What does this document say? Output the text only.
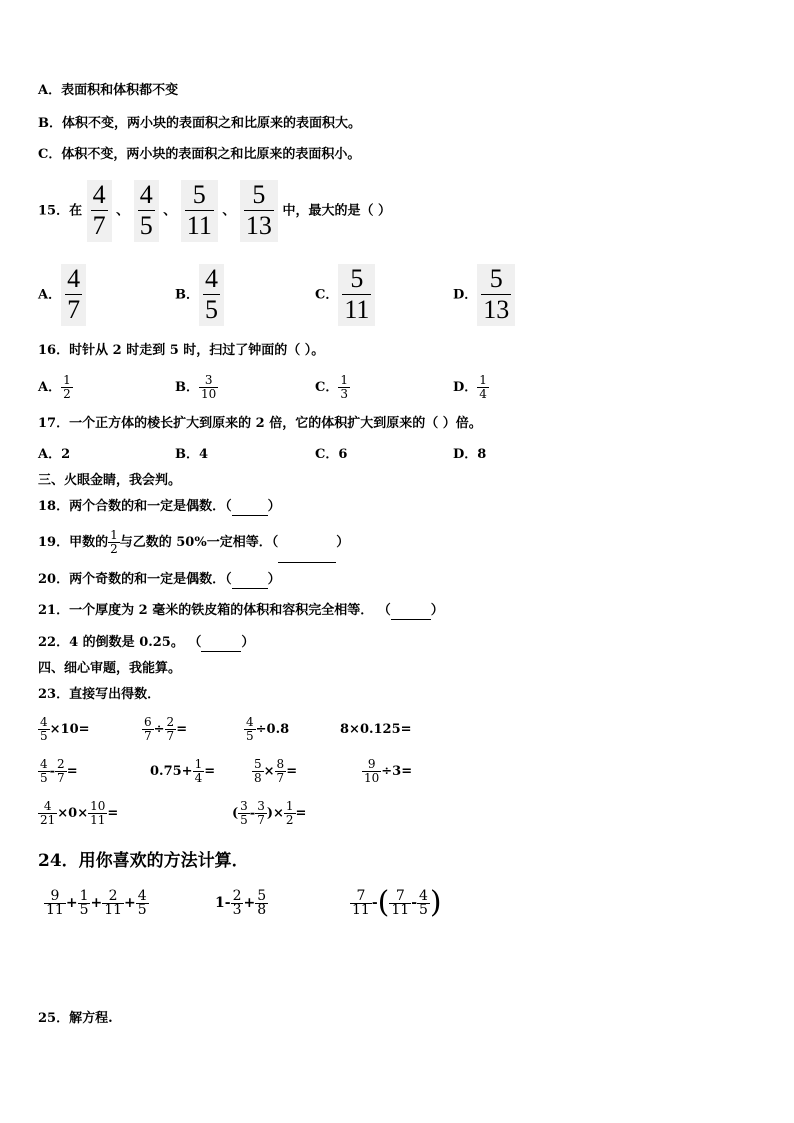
A．表面积和体积都不变
B．体积不变，两小块的表面积之和比原来的表面积大。
C．体积不变，两小块的表面积之和比原来的表面积小。
15．在 $\frac{4}{7}$ 、 $\frac{4}{5}$ 、 $\frac{5}{11}$ 、 $\frac{5}{13}$ 中，最大的是（ ）
A． $\frac{4}{7}$	B． $\frac{4}{5}$	C． $\frac{5}{11}$	D． $\frac{5}{13}$
16．时针从 2 时走到 5 时，扫过了钟面的（ ）。
A． $\frac{1}{2}$	B． $\frac{3}{10}$	C． $\frac{1}{3}$	D． $\frac{1}{4}$
17．一个正方体的棱长扩大到原来的 2 倍，它的体积扩大到原来的（ ）倍。
A．2	B．4	C．6	D．8
三、火眼金睛，我会判。
18．两个合数的和一定是偶数．（	）
19．甲数的 $\frac{1}{2}$ 与乙数的 50%一定相等．（	）
20．两个奇数的和一定是偶数．（	）
21．一个厚度为 2 毫米的铁皮箱的体积和容积完全相等． （	）
22．4 的倒数是 0.25。 （	）
四、细心审题，我能算。
23．直接写出得数．
$\frac{4}{5} \times 10=$	$\frac{6}{7} \div \frac{2}{7}$ =	$\frac{4}{5} \div 0.8$	8×0.125=
$\frac{4}{5} - \frac{2}{7}$ =	$0.75+ \frac{1}{4}$ =	$\frac{5}{8} \times \frac{8}{7}$ =	$\frac{9}{10} \div 3=$
$\frac{4}{21} \times 0\times \frac{10}{11}$ =	( $\frac{3}{5} - \frac{3}{7}$ )× $\frac{1}{2}$ =
24．用你喜欢的方法计算．
$\frac{9}{11} + \frac{1}{5} + \frac{2}{11} + \frac{4}{5}$	$1- \frac{2}{3} + \frac{5}{8}$	$\frac{7}{11}$ -( $\frac{7}{11} - \frac{4}{5}$ )
25．解方程.
